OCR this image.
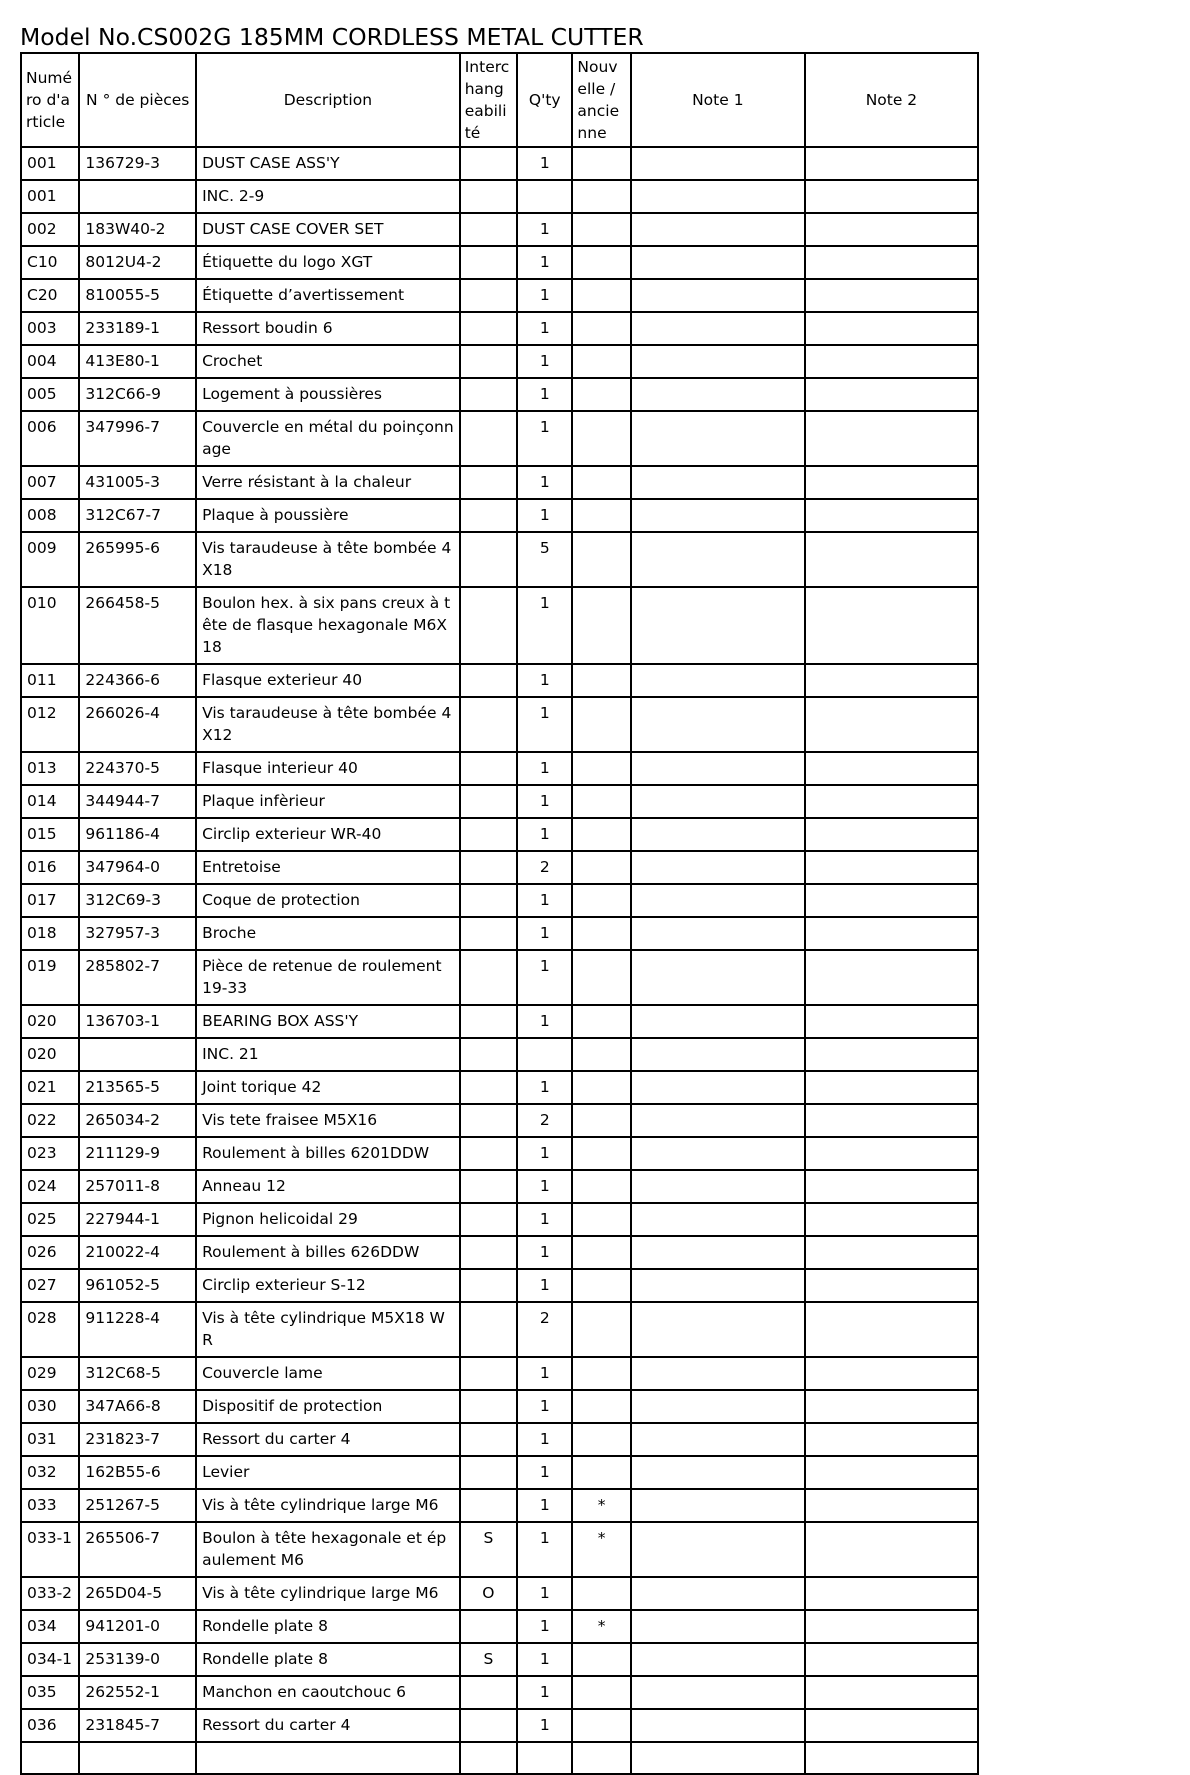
Model No.CS002G 185MM CORDLESS METAL CUTTER
Numéro d'article	N ° de pièces	Description	Interchangeabilité	Q'ty	Nouvelle / ancienne	Note 1	Note 2
001	136729-3	DUST CASE ASS'Y		1			
001		INC. 2-9					
002	183W40-2	DUST CASE COVER SET		1			
C10	8012U4-2	Étiquette du logo XGT		1			
C20	810055-5	Étiquette d’avertissement		1			
003	233189-1	Ressort boudin 6		1			
004	413E80-1	Crochet		1			
005	312C66-9	Logement à poussières		1			
006	347996-7	Couvercle en métal du poinçonnage		1			
007	431005-3	Verre résistant à la chaleur		1			
008	312C67-7	Plaque à poussière		1			
009	265995-6	Vis taraudeuse à tête bombée 4X18		5			
010	266458-5	Boulon hex. à six pans creux à tête de flasque hexagonale M6X18		1			
011	224366-6	Flasque exterieur 40		1			
012	266026-4	Vis taraudeuse à tête bombée 4X12		1			
013	224370-5	Flasque interieur 40		1			
014	344944-7	Plaque infèrieur		1			
015	961186-4	Circlip exterieur WR-40		1			
016	347964-0	Entretoise		2			
017	312C69-3	Coque de protection		1			
018	327957-3	Broche		1			
019	285802-7	Pièce de retenue de roulement 19-33		1			
020	136703-1	BEARING BOX ASS'Y		1			
020		INC. 21					
021	213565-5	Joint torique 42		1			
022	265034-2	Vis tete fraisee M5X16		2			
023	211129-9	Roulement à billes 6201DDW		1			
024	257011-8	Anneau 12		1			
025	227944-1	Pignon helicoidal 29		1			
026	210022-4	Roulement à billes 626DDW		1			
027	961052-5	Circlip exterieur S-12		1			
028	911228-4	Vis à tête cylindrique M5X18 WR		2			
029	312C68-5	Couvercle lame		1			
030	347A66-8	Dispositif de protection		1			
031	231823-7	Ressort du carter 4		1			
032	162B55-6	Levier		1			
033	251267-5	Vis à tête cylindrique large M6		1	*		
033-1	265506-7	Boulon à tête hexagonale et épaulement M6	S	1	*		
033-2	265D04-5	Vis à tête cylindrique large M6	O	1			
034	941201-0	Rondelle plate 8		1	*		
034-1	253139-0	Rondelle plate 8	S	1			
035	262552-1	Manchon en caoutchouc 6		1			
036	231845-7	Ressort du carter 4		1			
